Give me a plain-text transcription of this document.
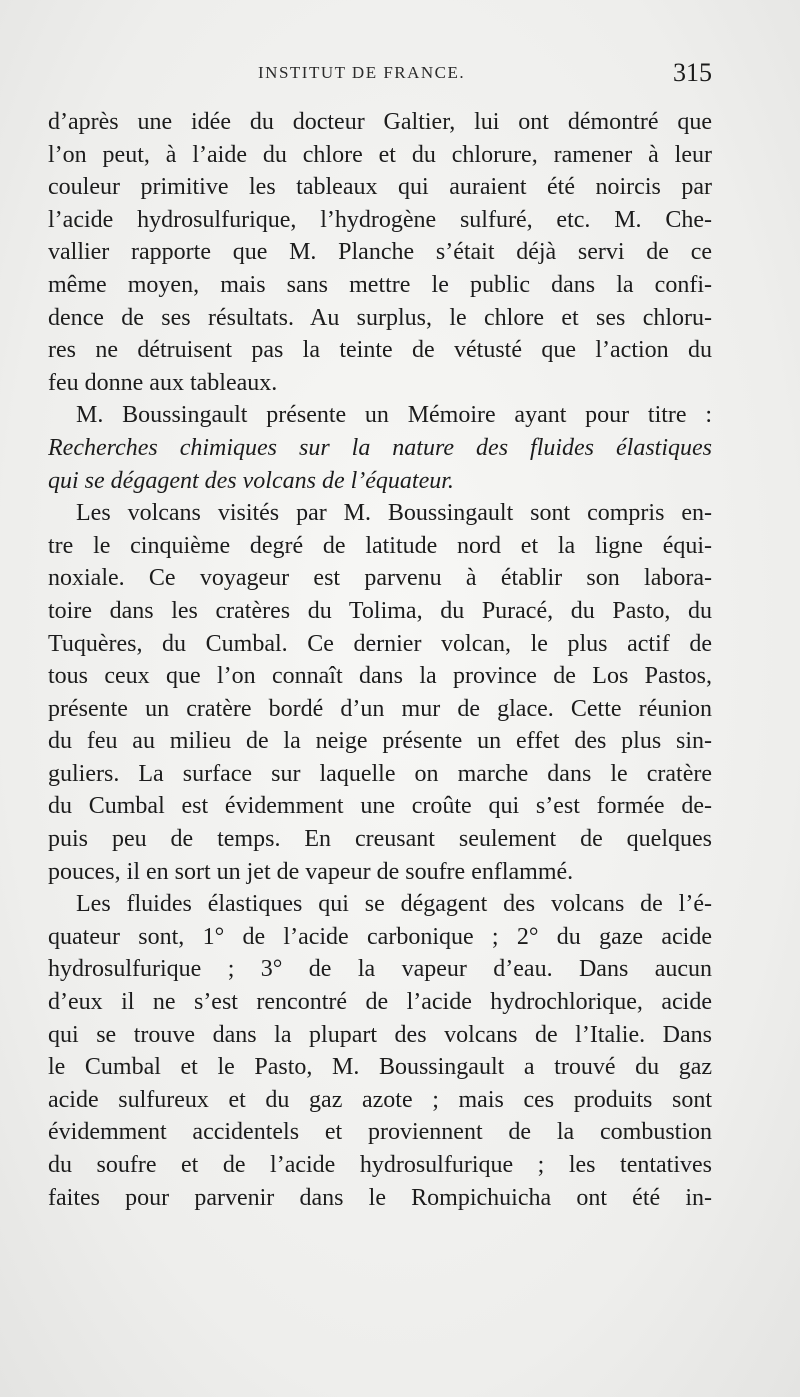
INSTITUT DE FRANCE.	315
d’après une idée du docteur Galtier, lui ont démontré que
l’on peut, à l’aide du chlore et du chlorure, ramener à leur
couleur primitive les tableaux qui auraient été noircis par
l’acide hydrosulfurique, l’hydrogène sulfuré, etc. M. Che-
vallier rapporte que M. Planche s’était déjà servi de ce
même moyen, mais sans mettre le public dans la confi-
dence de ses résultats. Au surplus, le chlore et ses chloru-
res ne détruisent pas la teinte de vétusté que l’action du
feu donne aux tableaux.
M. Boussingault présente un Mémoire ayant pour titre :
Recherches chimiques sur la nature des fluides élastiques
qui se dégagent des volcans de l’équateur.
Les volcans visités par M. Boussingault sont compris en-
tre le cinquième degré de latitude nord et la ligne équi-
noxiale. Ce voyageur est parvenu à établir son labora-
toire dans les cratères du Tolima, du Puracé, du Pasto, du
Tuquères, du Cumbal. Ce dernier volcan, le plus actif de
tous ceux que l’on connaît dans la province de Los Pastos,
présente un cratère bordé d’un mur de glace. Cette réunion
du feu au milieu de la neige présente un effet des plus sin-
guliers. La surface sur laquelle on marche dans le cratère
du Cumbal est évidemment une croûte qui s’est formée de-
puis peu de temps. En creusant seulement de quelques
pouces, il en sort un jet de vapeur de soufre enflammé.
Les fluides élastiques qui se dégagent des volcans de l’é-
quateur sont, 1° de l’acide carbonique ; 2° du gaze acide
hydrosulfurique ; 3° de la vapeur d’eau. Dans aucun
d’eux il ne s’est rencontré de l’acide hydrochlorique, acide
qui se trouve dans la plupart des volcans de l’Italie. Dans
le Cumbal et le Pasto, M. Boussingault a trouvé du gaz
acide sulfureux et du gaz azote ; mais ces produits sont
évidemment accidentels et proviennent de la combustion
du soufre et de l’acide hydrosulfurique ; les tentatives
faites pour parvenir dans le Rompichuicha ont été in-
